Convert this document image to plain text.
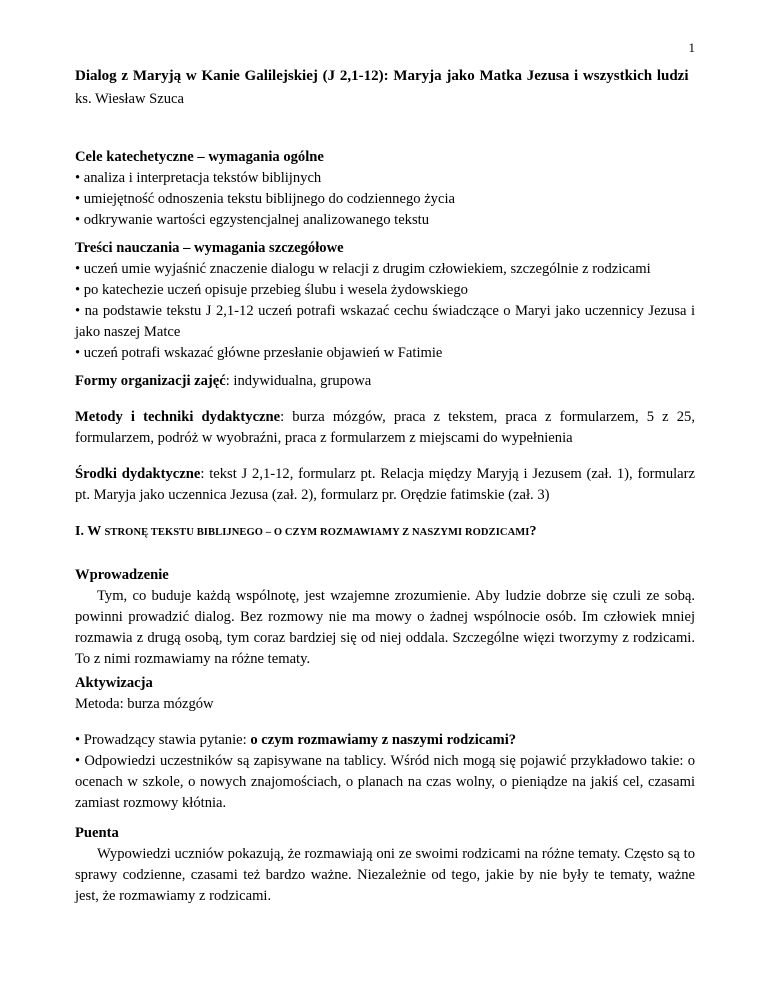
1

Dialog z Maryją w Kanie Galilejskiej (J 2,1-12): Maryja jako Matka Jezusa i wszystkich ludzi

ks. Wiesław Szuca

Cele katechetyczne – wymagania ogólne

• analiza i interpretacja tekstów biblijnych
• umiejętność odnoszenia tekstu biblijnego do codziennego życia
• odkrywanie wartości egzystencjalnej analizowanego tekstu

Treści nauczania – wymagania szczegółowe

• uczeń umie wyjaśnić znaczenie dialogu w relacji z drugim człowiekiem, szczególnie z rodzicami
• po katechezie uczeń opisuje przebieg ślubu i wesela żydowskiego
• na podstawie tekstu J 2,1-12 uczeń potrafi wskazać cechu świadczące o Maryi jako uczennicy Jezusa i jako naszej Matce
• uczeń potrafi wskazać główne przesłanie objawień w Fatimie

Formy organizacji zajęć: indywidualna, grupowa

Metody i techniki dydaktyczne: burza mózgów, praca z tekstem, praca z formularzem, 5 z 25, formularzem, podróż w wyobraźni, praca z formularzem z miejscami do wypełnienia

Środki dydaktyczne: tekst J 2,1-12, formularz pt. Relacja między Maryją i Jezusem (zał. 1), formularz pt. Maryja jako uczennica Jezusa (zał. 2), formularz pr. Orędzie fatimskie (zał. 3)

I. W STRONĘ TEKSTU BIBLIJNEGO – O CZYM ROZMAWIAMY Z NASZYMI RODZICAMI?

Wprowadzenie

Tym, co buduje każdą wspólnotę, jest wzajemne zrozumienie. Aby ludzie dobrze się czuli ze sobą. powinni prowadzić dialog. Bez rozmowy nie ma mowy o żadnej wspólnocie osób. Im człowiek mniej rozmawia z drugą osobą, tym coraz bardziej się od niej oddala. Szczególne więzi tworzymy z rodzicami. To z nimi rozmawiamy na różne tematy.

Aktywizacja

Metoda: burza mózgów

• Prowadzący stawia pytanie: o czym rozmawiamy z naszymi rodzicami?

• Odpowiedzi uczestników są zapisywane na tablicy. Wśród nich mogą się pojawić przykładowo takie: o ocenach w szkole, o nowych znajomościach, o planach na czas wolny, o pieniądze na jakiś cel, czasami zamiast rozmowy kłótnia.

Puenta

Wypowiedzi uczniów pokazują, że rozmawiają oni ze swoimi rodzicami na różne tematy. Często są to sprawy codzienne, czasami też bardzo ważne. Niezależnie od tego, jakie by nie były te tematy, ważne jest, że rozmawiamy z rodzicami.
